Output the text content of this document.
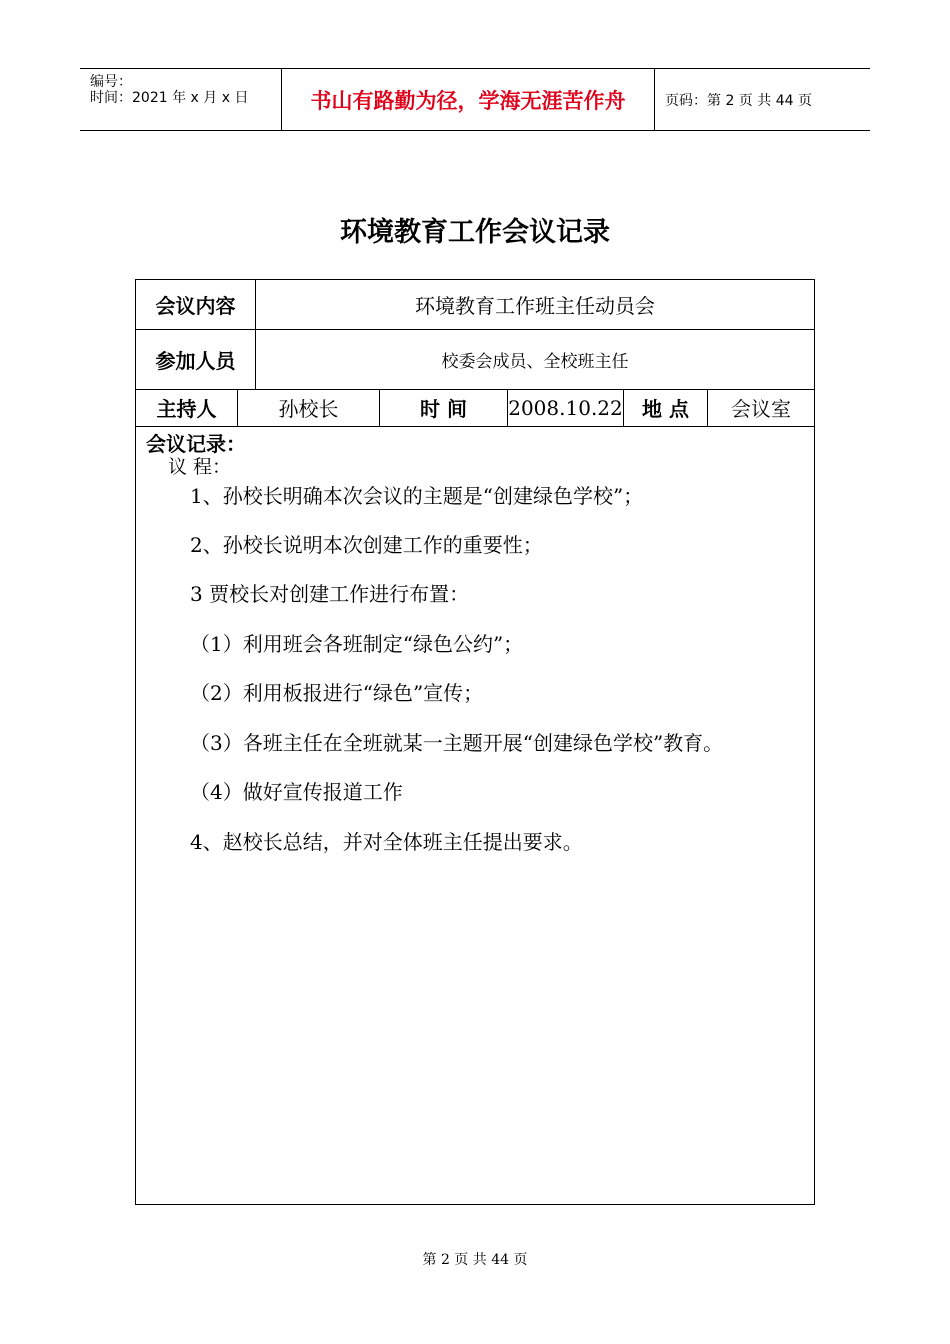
编号：
时间：2021 年 x 月 x 日	书山有路勤为径，学海无涯苦作舟	页码：第 2 页 共 44 页
环境教育工作会议记录
会议内容	环境教育工作班主任动员会
参加人员	校委会成员、全校班主任
主持人	孙校长	时 间	2008.10.22 地 点	会议室
会议记录：
议 程：
1、孙校长明确本次会议的主题是“创建绿色学校”；
2、孙校长说明本次创建工作的重要性；
3 贾校长对创建工作进行布置：
（1）利用班会各班制定“绿色公约”；
（2）利用板报进行“绿色”宣传；
（3）各班主任在全班就某一主题开展“创建绿色学校”教育。
（4）做好宣传报道工作
4、赵校长总结，并对全体班主任提出要求。
第 2 页 共 44 页
